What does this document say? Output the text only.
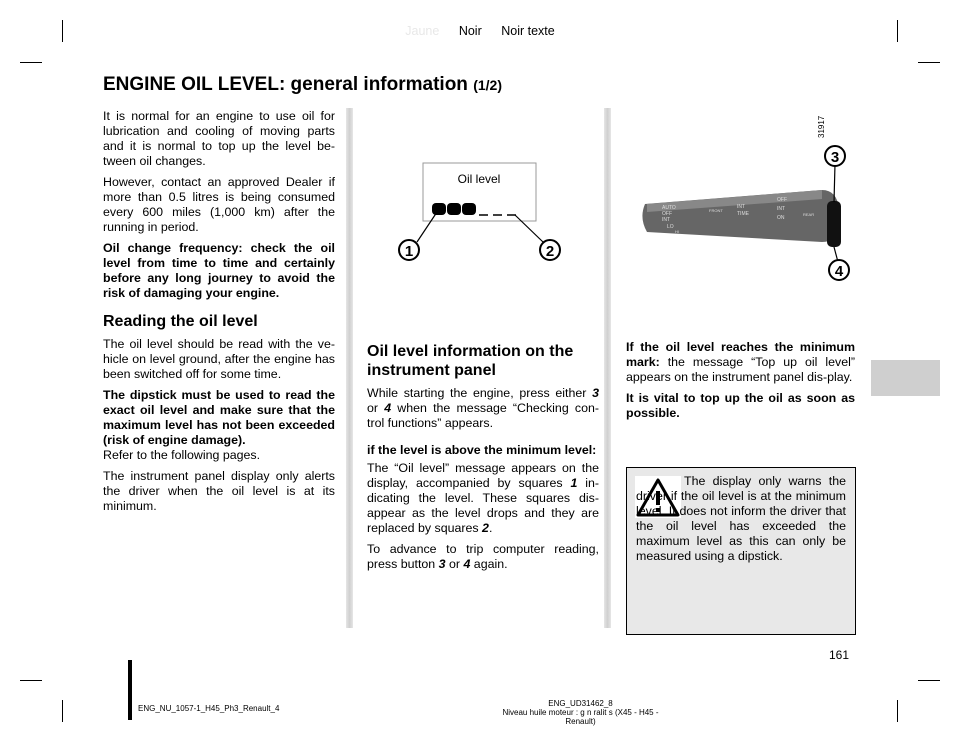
Jaune Noir Noir texte
ENGINE OIL LEVEL: general information (1/2)

It is normal for an engine to use oil for lubrication and cooling of moving parts and it is normal to top up the level be-tween oil changes.

However, contact an approved Dealer if more than 0.5 litres is being consumed every 600 miles (1,000 km) after the running in period.

Oil change frequency: check the oil level from time to time and certainly before any long journey to avoid the risk of damaging your engine.

Reading the oil level

The oil level should be read with the ve-hicle on level ground, after the engine has been switched off for some time.

The dipstick must be used to read the exact oil level and make sure that the maximum level has not been exceeded (risk of engine damage).
Refer to the following pages.

The instrument panel display only alerts the driver when the oil level is at its minimum.

Oil level
1	2
31917
AUTO
OFF
INT
LO
HI
FRONT
INT
TIME
OFF
INT
ON
REAR
3
4
Oil level information on the instrument panel

While starting the engine, press either 3 or 4 when the message “Checking con-trol functions” appears.

if the level is above the minimum level:

The “Oil level” message appears on the display, accompanied by squares 1 in-dicating the level. These squares dis-appear as the level drops and they are replaced by squares 2.

To advance to trip computer reading, press button 3 or 4 again.

If the oil level reaches the minimum mark: the message “Top up oil level” appears on the instrument panel dis-play.

It is vital to top up the oil as soon as possible.

The display only warns the driver if the oil level is at the minimum level. It does not inform the driver that the oil level has exceeded the maximum level as this can only be measured using a dipstick.

161
ENG_NU_1057-1_H45_Ph3_Renault_4
ENG_UD31462_8
Niveau huile moteur : g n ralit s (X45 - H45 - Renault)
